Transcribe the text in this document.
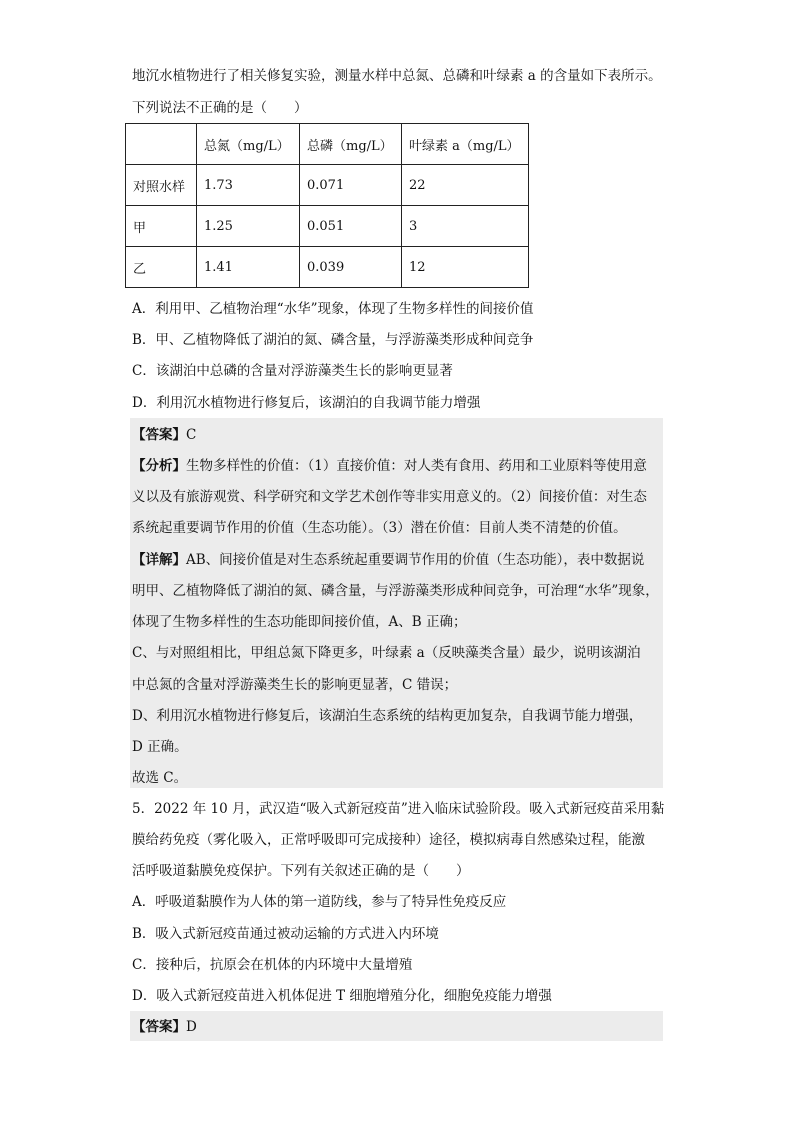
地沉水植物进行了相关修复实验，测量水样中总氮、总磷和叶绿素 a 的含量如下表所示。
下列说法不正确的是（　　）
	总氮（mg/L）	总磷（mg/L）	叶绿素 a（mg/L）
对照水样	1.73	0.071	22
甲	1.25	0.051	3
乙	1.41	0.039	12
A．利用甲、乙植物治理“水华”现象，体现了生物多样性的间接价值
B．甲、乙植物降低了湖泊的氮、磷含量，与浮游藻类形成种间竞争
C．该湖泊中总磷的含量对浮游藻类生长的影响更显著
D．利用沉水植物进行修复后，该湖泊的自我调节能力增强
【答案】C
【分析】生物多样性的价值：（1）直接价值：对人类有食用、药用和工业原料等使用意
义以及有旅游观赏、科学研究和文学艺术创作等非实用意义的。（2）间接价值：对生态
系统起重要调节作用的价值（生态功能）。（3）潜在价值：目前人类不清楚的价值。
【详解】AB、间接价值是对生态系统起重要调节作用的价值（生态功能），表中数据说
明甲、乙植物降低了湖泊的氮、磷含量，与浮游藻类形成种间竞争，可治理“水华”现象，
体现了生物多样性的生态功能即间接价值，A、B 正确；
C、与对照组相比，甲组总氮下降更多，叶绿素 a（反映藻类含量）最少，说明该湖泊
中总氮的含量对浮游藻类生长的影响更显著，C 错误；
D、利用沉水植物进行修复后，该湖泊生态系统的结构更加复杂，自我调节能力增强，
D 正确。
故选 C。
5．2022 年 10 月，武汉造“吸入式新冠疫苗”进入临床试验阶段。吸入式新冠疫苗采用黏
膜给药免疫（雾化吸入，正常呼吸即可完成接种）途径，模拟病毒自然感染过程，能激
活呼吸道黏膜免疫保护。下列有关叙述正确的是（　　）
A．呼吸道黏膜作为人体的第一道防线，参与了特异性免疫反应
B．吸入式新冠疫苗通过被动运输的方式进入内环境
C．接种后，抗原会在机体的内环境中大量增殖
D．吸入式新冠疫苗进入机体促进 T 细胞增殖分化，细胞免疫能力增强
【答案】D
